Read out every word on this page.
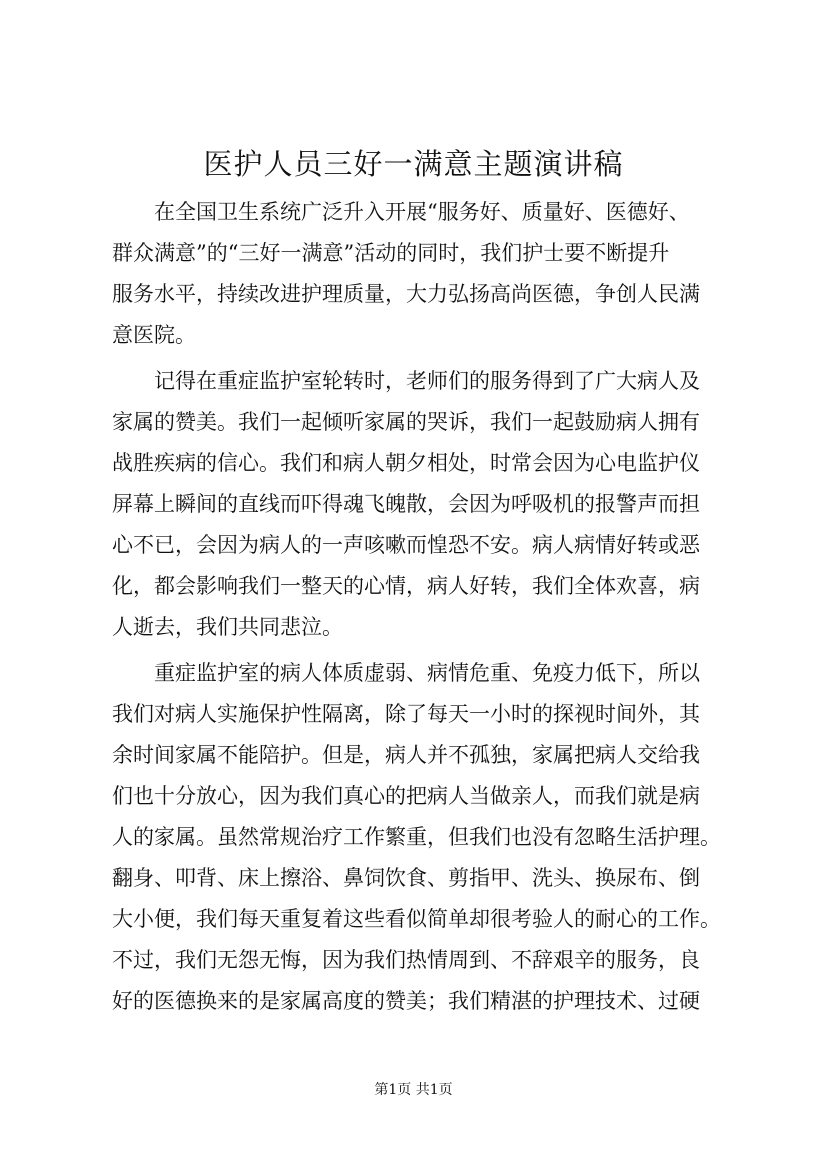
医护人员三好一满意主题演讲稿
在全国卫生系统广泛升入开展“服务好、质量好、医德好、
群众满意”的“三好一满意”活动的同时，我们护士要不断提升
服务水平，持续改进护理质量，大力弘扬高尚医德，争创人民满
意医院。
记得在重症监护室轮转时，老师们的服务得到了广大病人及
家属的赞美。我们一起倾听家属的哭诉，我们一起鼓励病人拥有
战胜疾病的信心。我们和病人朝夕相处，时常会因为心电监护仪
屏幕上瞬间的直线而吓得魂飞魄散，会因为呼吸机的报警声而担
心不已，会因为病人的一声咳嗽而惶恐不安。病人病情好转或恶
化，都会影响我们一整天的心情，病人好转，我们全体欢喜，病
人逝去，我们共同悲泣。
重症监护室的病人体质虚弱、病情危重、免疫力低下，所以
我们对病人实施保护性隔离，除了每天一小时的探视时间外，其
余时间家属不能陪护。但是，病人并不孤独，家属把病人交给我
们也十分放心，因为我们真心的把病人当做亲人，而我们就是病
人的家属。虽然常规治疗工作繁重，但我们也没有忽略生活护理。
翻身、叩背、床上擦浴、鼻饲饮食、剪指甲、洗头、换尿布、倒
大小便，我们每天重复着这些看似简单却很考验人的耐心的工作。
不过，我们无怨无悔，因为我们热情周到、不辞艰辛的服务，良
好的医德换来的是家属高度的赞美；我们精湛的护理技术、过硬
第1页 共1页
